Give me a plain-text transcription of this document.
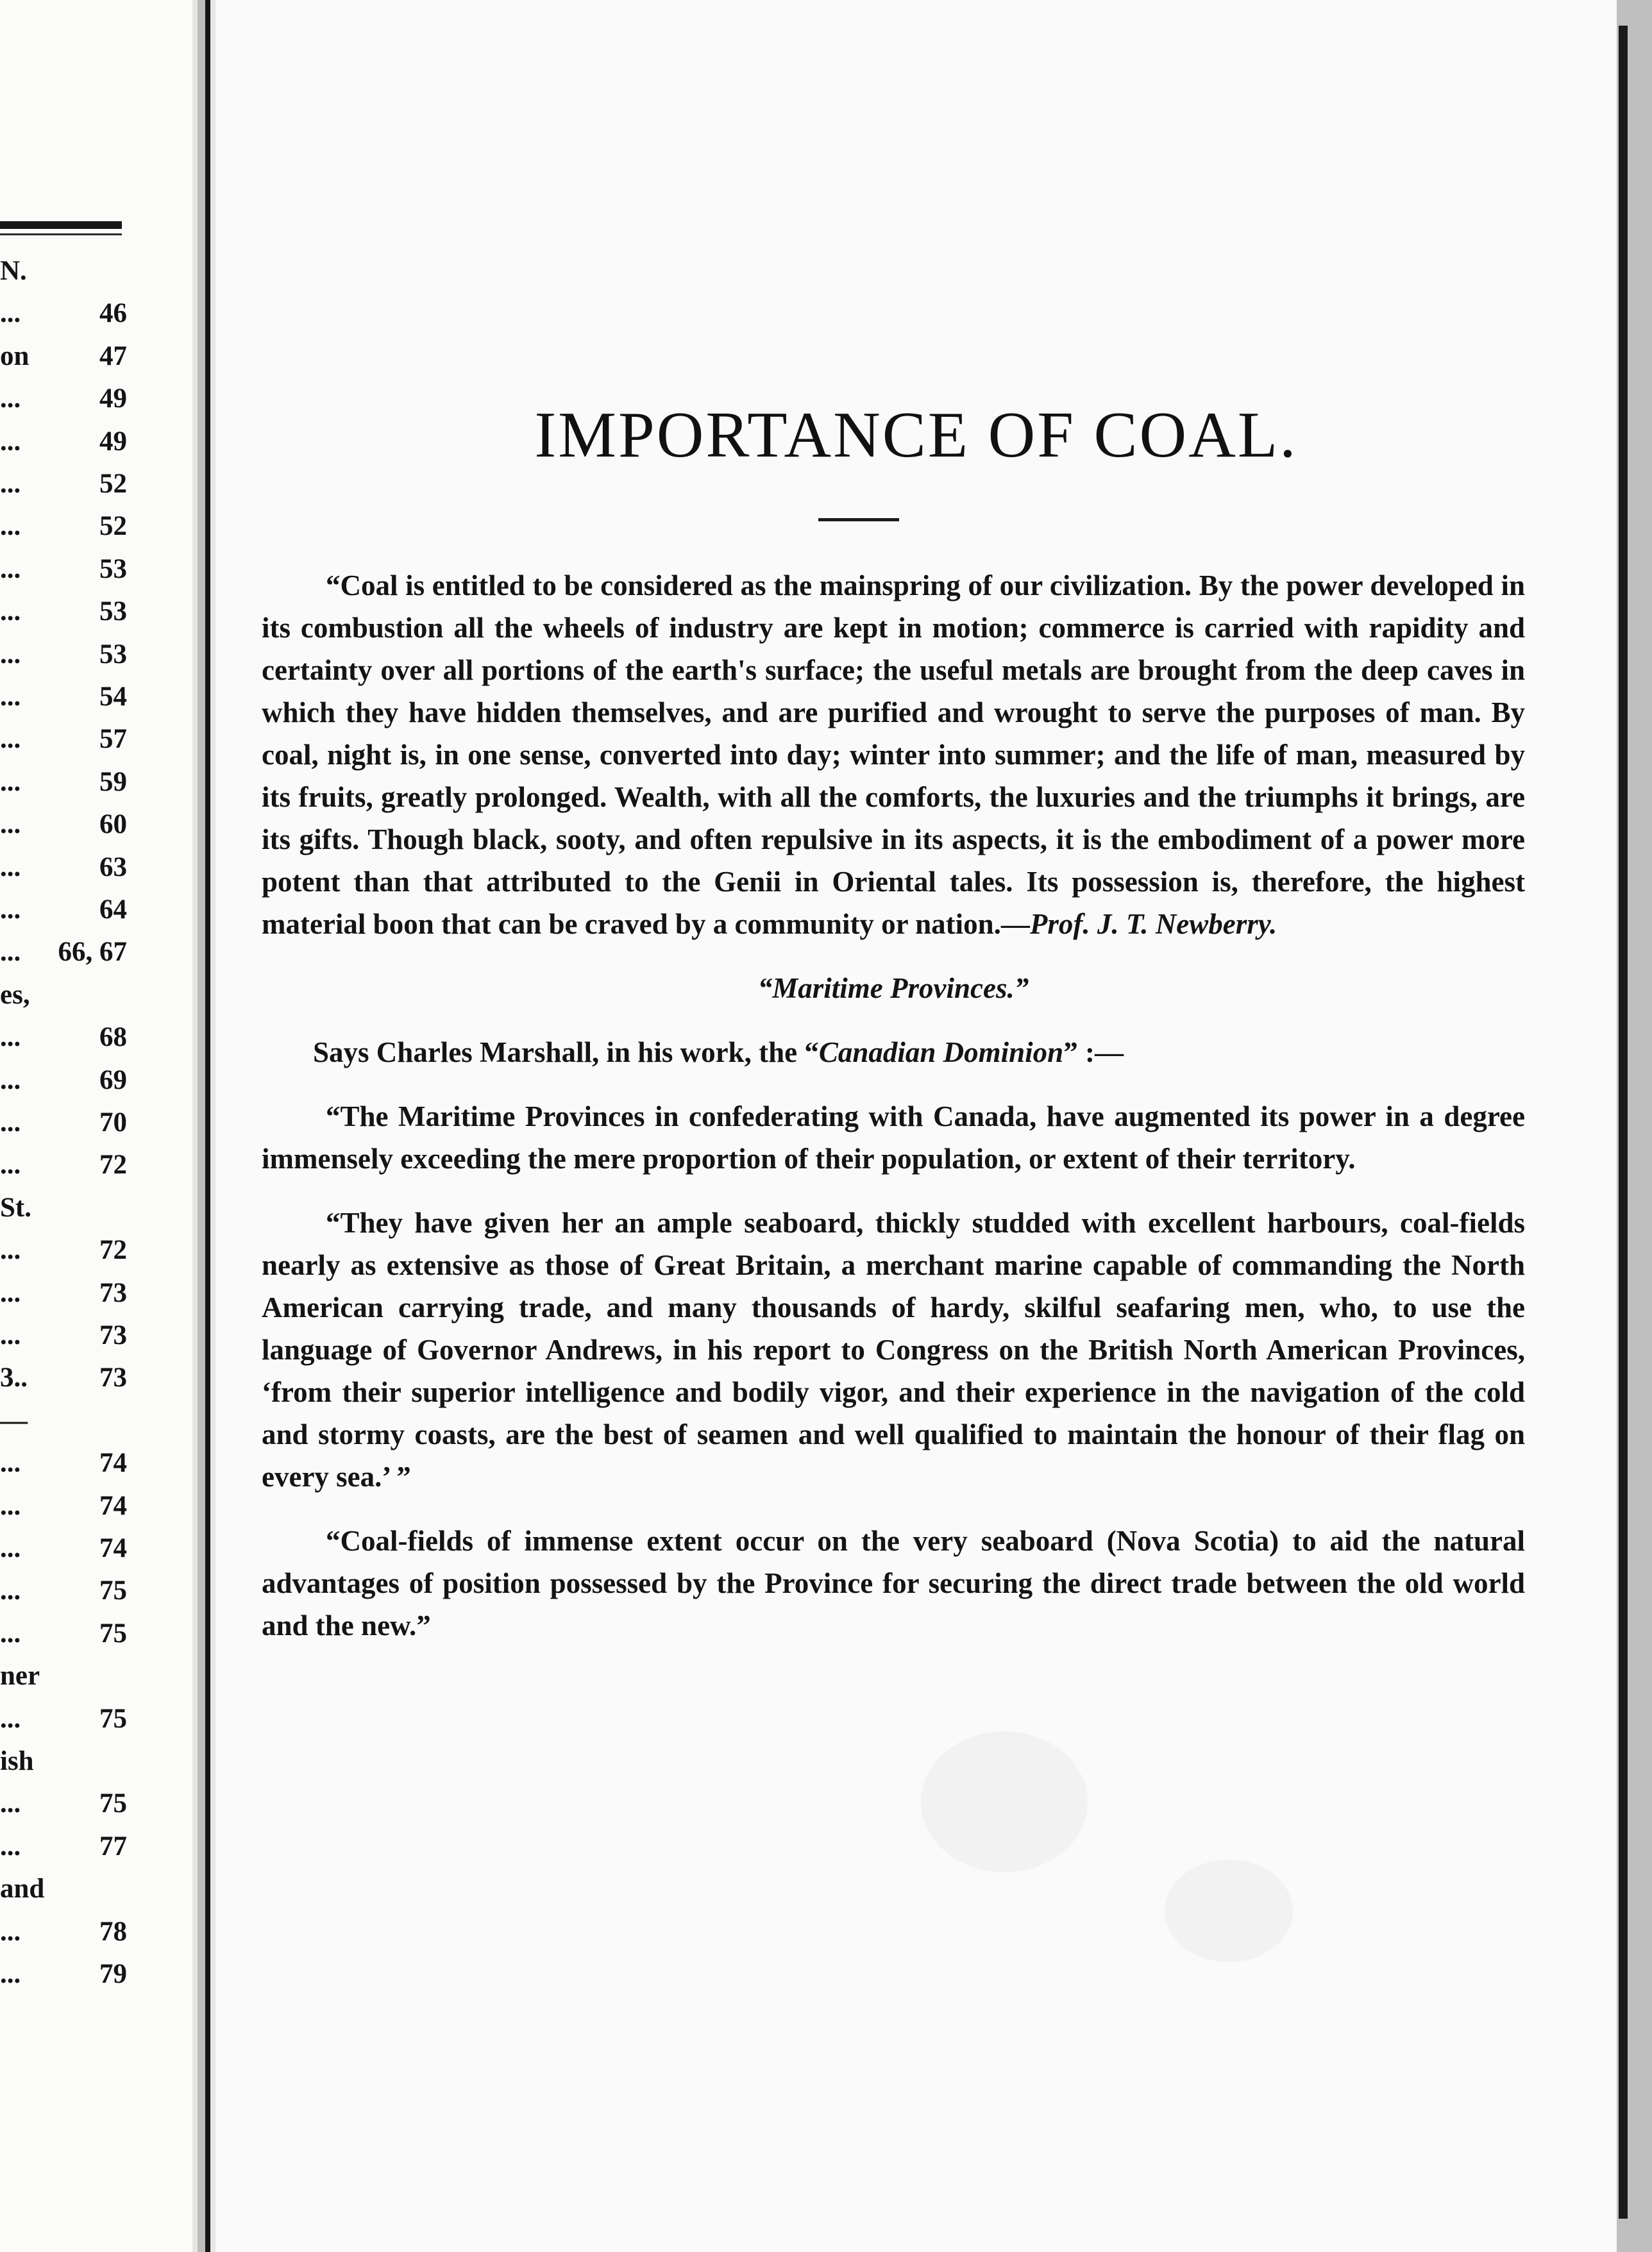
N.
...	46
on	47
...	49
...	49
...	52
...	52
...	53
...	53
...	53
...	54
...	57
...	59
...	60
...	63
...	64
... 66, 67
es,
...	68
...	69
...	70
...	72
St.
...	72
...	73
...	73
3..	73
—
...	74
...	74
...	74
...	75
...	75
ner
...	75
ish
...	75
...	77
and
...	78
...	79
IMPORTANCE OF COAL.

“Coal is entitled to be considered as the mainspring of our civilization. By the power developed in its combustion all the wheels of industry are kept in motion; commerce is carried with rapidity and certainty over all portions of the earth's surface; the useful metals are brought from the deep caves in which they have hidden themselves, and are purified and wrought to serve the purposes of man. By coal, night is, in one sense, converted into day; winter into summer; and the life of man, measured by its fruits, greatly prolonged. Wealth, with all the comforts, the luxuries and the triumphs it brings, are its gifts. Though black, sooty, and often repulsive in its aspects, it is the embodiment of a power more potent than that attributed to the Genii in Oriental tales. Its possession is, therefore, the highest material boon that can be craved by a community or nation.—Prof. J. T. Newberry.

“Maritime Provinces.”

Says Charles Marshall, in his work, the “Canadian Dominion” :—

“The Maritime Provinces in confederating with Canada, have augmented its power in a degree immensely exceeding the mere proportion of their population, or extent of their territory.

“They have given her an ample seaboard, thickly studded with excellent harbours, coal-fields nearly as extensive as those of Great Britain, a merchant marine capable of commanding the North American carrying trade, and many thousands of hardy, skilful seafaring men, who, to use the language of Governor Andrews, in his report to Congress on the British North American Provinces, ‘from their superior intelligence and bodily vigor, and their experience in the navigation of the cold and stormy coasts, are the best of seamen and well qualified to maintain the honour of their flag on every sea.’ ”

“Coal-fields of immense extent occur on the very seaboard (Nova Scotia) to aid the natural advantages of position possessed by the Province for securing the direct trade between the old world and the new.”
